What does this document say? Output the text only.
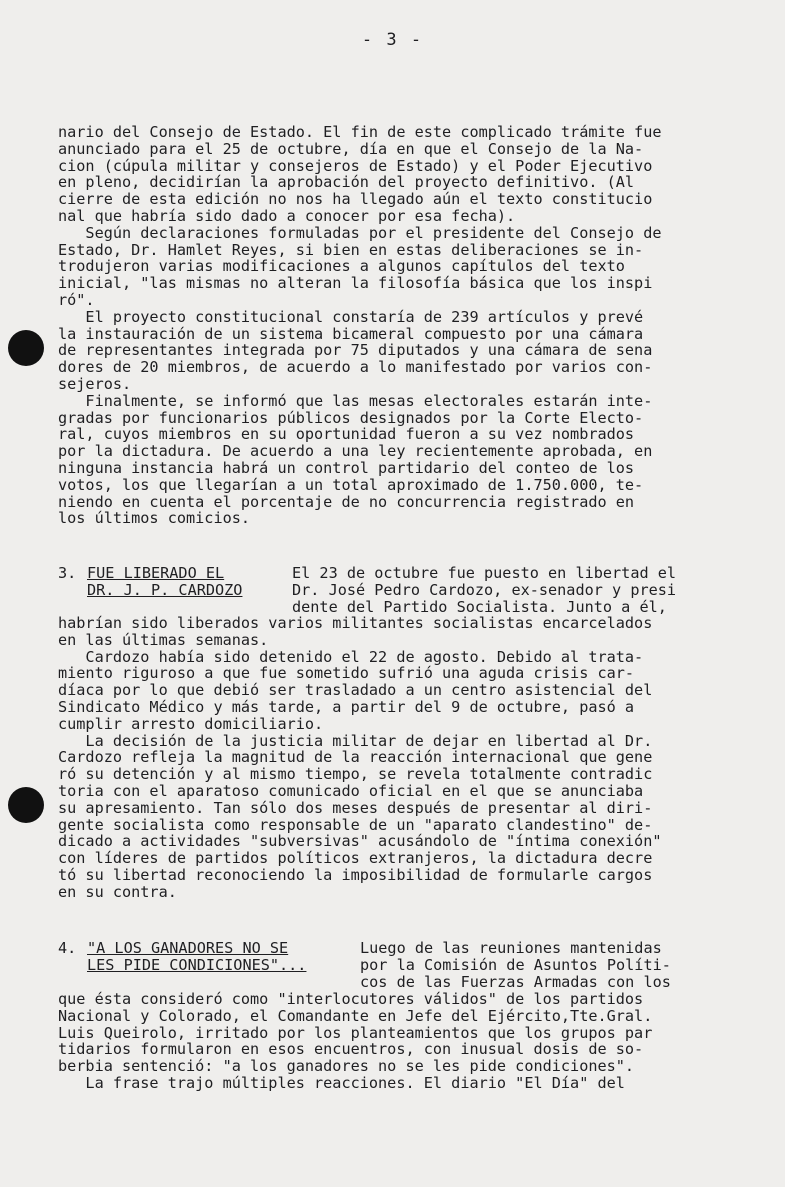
- 3 -
nario del Consejo de Estado. El fin de este complicado trámite fue
anunciado para el 25 de octubre, día en que el Consejo de la Na-
cion (cúpula militar y consejeros de Estado) y el Poder Ejecutivo
en pleno, decidirían la aprobación del proyecto definitivo. (Al
cierre de esta edición no nos ha llegado aún el texto constitucio
nal que habría sido dado a conocer por esa fecha).
Según declaraciones formuladas por el presidente del Consejo de
Estado, Dr. Hamlet Reyes, si bien en estas deliberaciones se in-
trodujeron varias modificaciones a algunos capítulos del texto
inicial, "las mismas no alteran la filosofía básica que los inspi
ró".
El proyecto constitucional constaría de 239 artículos y prevé
la instauración de un sistema bicameral compuesto por una cámara
de representantes integrada por 75 diputados y una cámara de sena
dores de 20 miembros, de acuerdo a lo manifestado por varios con-
sejeros.
Finalmente, se informó que las mesas electorales estarán inte-
gradas por funcionarios públicos designados por la Corte Electo-
ral, cuyos miembros en su oportunidad fueron a su vez nombrados
por la dictadura. De acuerdo a una ley recientemente aprobada, en
ninguna instancia habrá un control partidario del conteo de los
votos, los que llegarían a un total aproximado de 1.750.000, te-
niendo en cuenta el porcentaje de no concurrencia registrado en
los últimos comicios.
3. FUE LIBERADO EL
DR. J. P. CARDOZO
El 23 de octubre fue puesto en libertad el
Dr. José Pedro Cardozo, ex-senador y presi
dente del Partido Socialista. Junto a él,
habrían sido liberados varios militantes socialistas encarcelados
en las últimas semanas.
Cardozo había sido detenido el 22 de agosto. Debido al trata-
miento riguroso a que fue sometido sufrió una aguda crisis car-
díaca por lo que debió ser trasladado a un centro asistencial del
Sindicato Médico y más tarde, a partir del 9 de octubre, pasó a
cumplir arresto domiciliario.
La decisión de la justicia militar de dejar en libertad al Dr.
Cardozo refleja la magnitud de la reacción internacional que gene
ró su detención y al mismo tiempo, se revela totalmente contradic
toria con el aparatoso comunicado oficial en el que se anunciaba
su apresamiento. Tan sólo dos meses después de presentar al diri-
gente socialista como responsable de un "aparato clandestino" de-
dicado a actividades "subversivas" acusándolo de "íntima conexión"
con líderes de partidos políticos extranjeros, la dictadura decre
tó su libertad reconociendo la imposibilidad de formularle cargos
en su contra.
4. "A LOS GANADORES NO SE
LES PIDE CONDICIONES"...
Luego de las reuniones mantenidas
por la Comisión de Asuntos Políti-
cos de las Fuerzas Armadas con los
que ésta consideró como "interlocutores válidos" de los partidos
Nacional y Colorado, el Comandante en Jefe del Ejército,Tte.Gral.
Luis Queirolo, irritado por los planteamientos que los grupos par
tidarios formularon en esos encuentros, con inusual dosis de so-
berbia sentenció: "a los ganadores no se les pide condiciones".
La frase trajo múltiples reacciones. El diario "El Día" del
